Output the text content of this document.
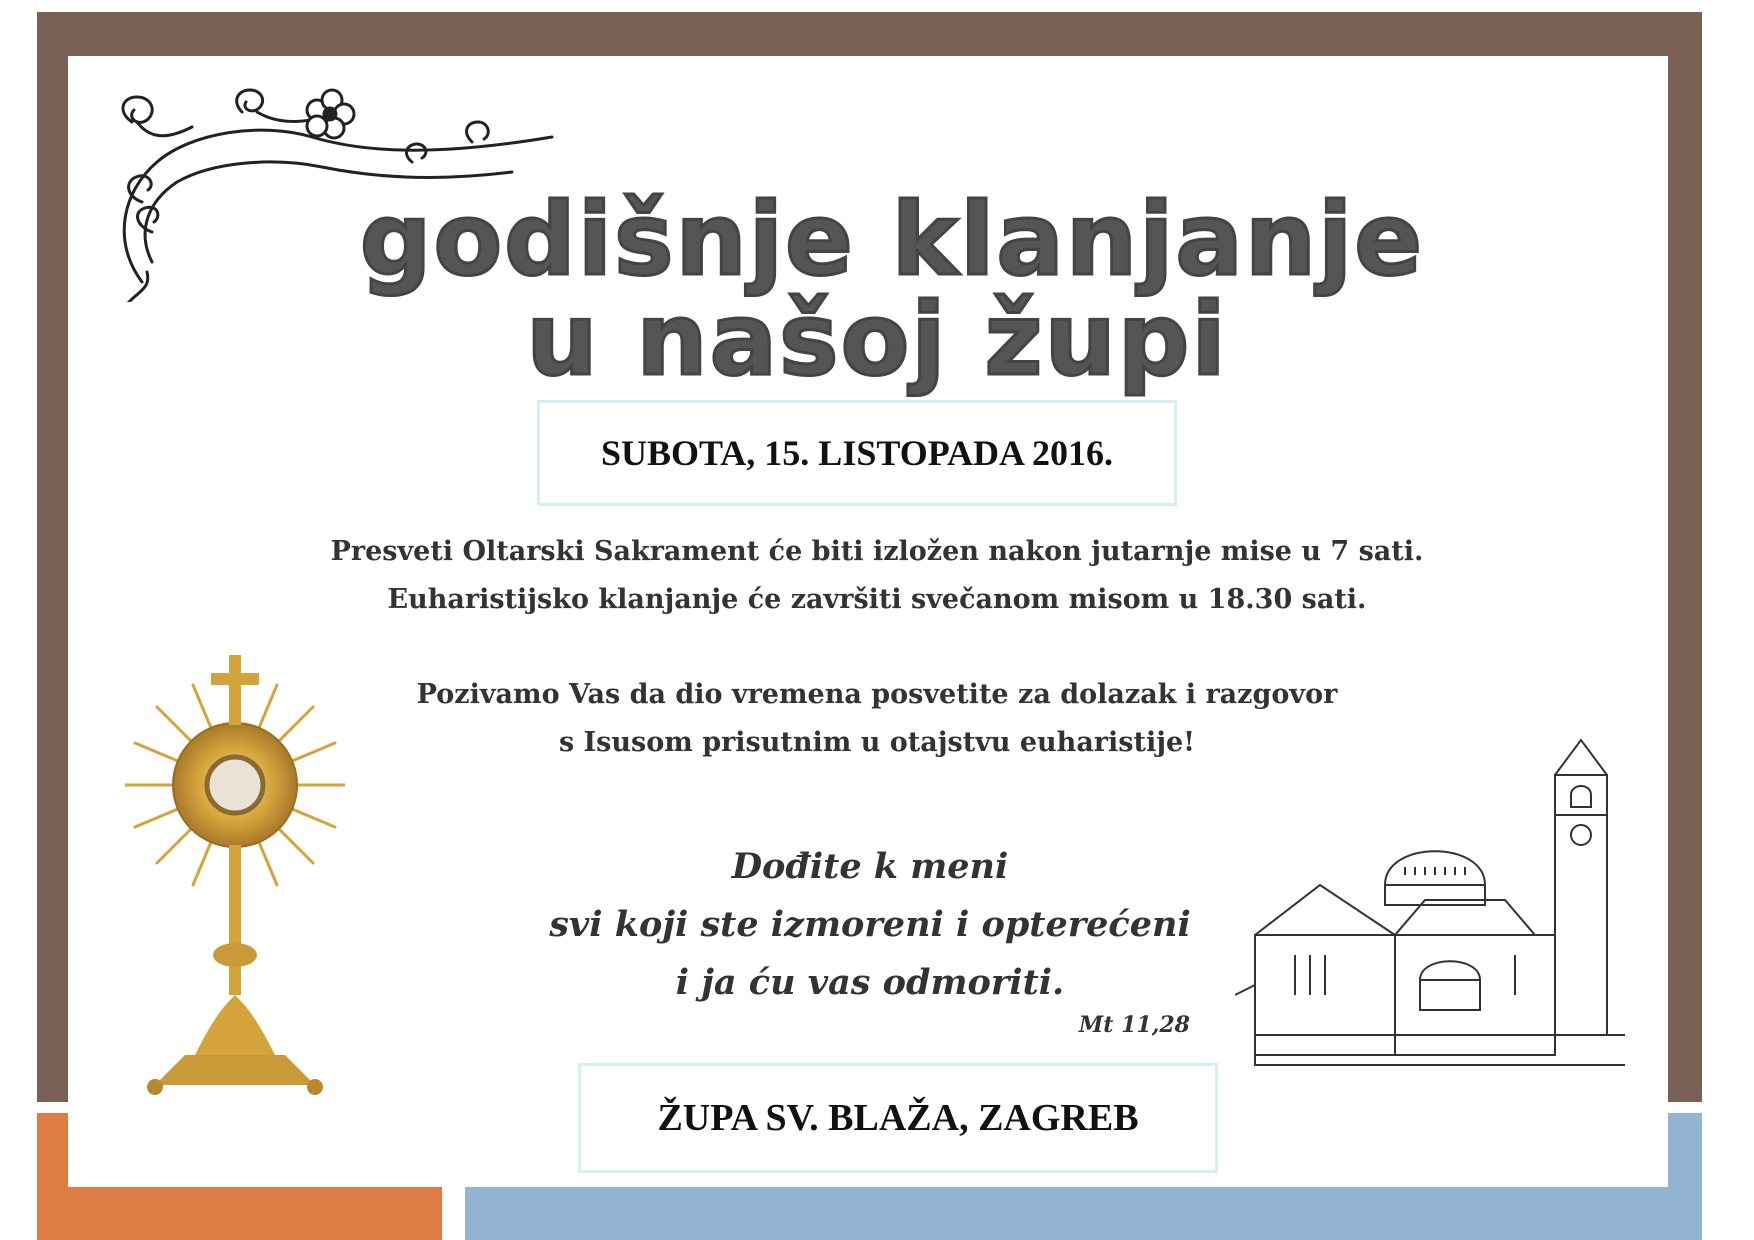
godišnje klanjanje
u našoj župi
SUBOTA, 15. LISTOPADA 2016.
Presveti Oltarski Sakrament će biti izložen nakon jutarnje mise u 7 sati.
Euharistijsko klanjanje će završiti svečanom misom u 18.30 sati.
Pozivamo Vas da dio vremena posvetite za dolazak i razgovor
s Isusom prisutnim u otajstvu euharistije!
Dođite k meni
svi koji ste izmoreni i opterećeni
i ja ću vas odmoriti.
Mt 11,28
ŽUPA SV. BLAŽA, ZAGREB
